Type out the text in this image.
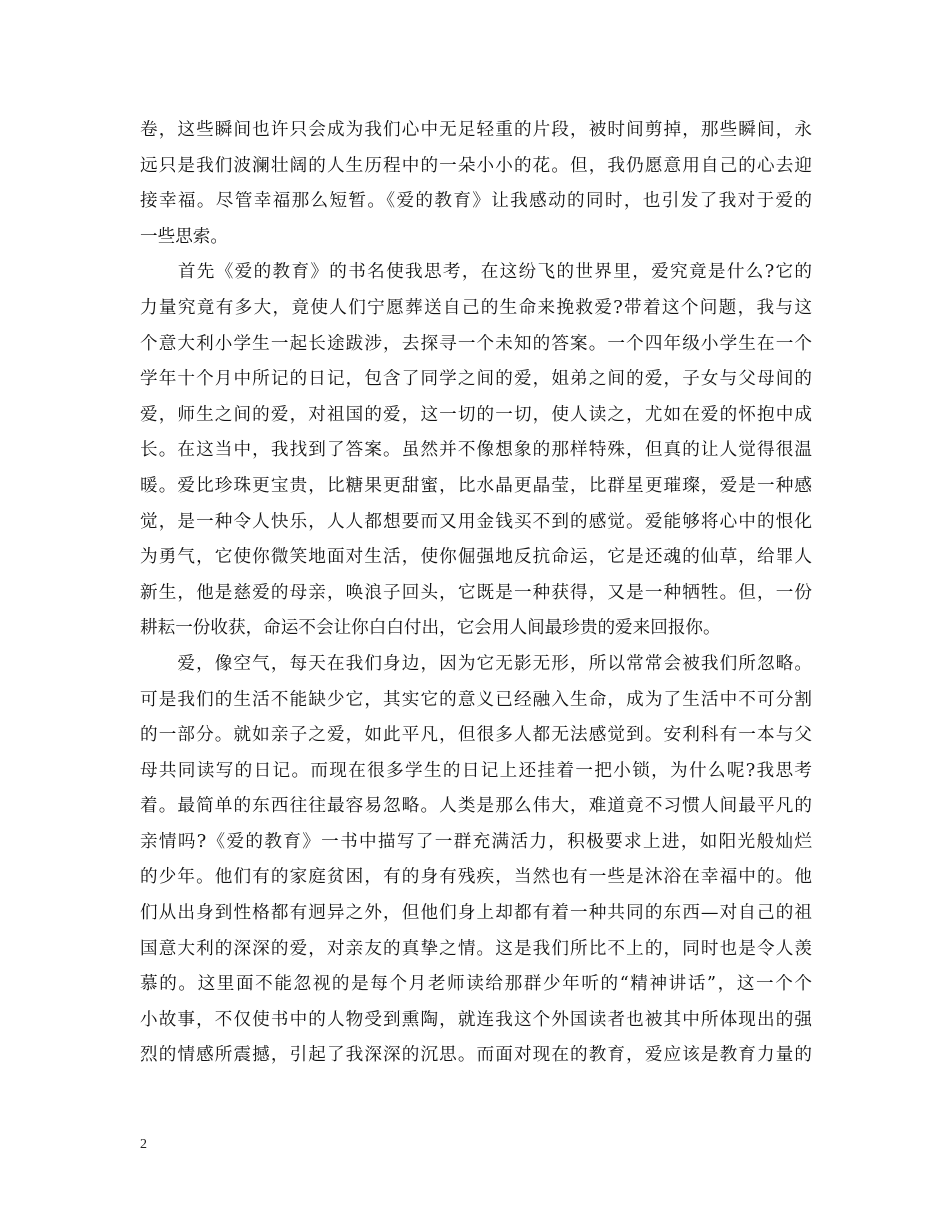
卷，这些瞬间也许只会成为我们心中无足轻重的片段，被时间剪掉，那些瞬间，永
远只是我们波澜壮阔的人生历程中的一朵小小的花。但，我仍愿意用自己的心去迎
接幸福。尽管幸福那么短暂。《爱的教育》让我感动的同时，也引发了我对于爱的
一些思索。
　　首先《爱的教育》的书名使我思考，在这纷飞的世界里，爱究竟是什么?它的
力量究竟有多大，竟使人们宁愿葬送自己的生命来挽救爱?带着这个问题，我与这
个意大利小学生一起长途跋涉，去探寻一个未知的答案。一个四年级小学生在一个
学年十个月中所记的日记，包含了同学之间的爱，姐弟之间的爱，子女与父母间的
爱，师生之间的爱，对祖国的爱，这一切的一切，使人读之，尤如在爱的怀抱中成
长。在这当中，我找到了答案。虽然并不像想象的那样特殊，但真的让人觉得很温
暖。爱比珍珠更宝贵，比糖果更甜蜜，比水晶更晶莹，比群星更璀璨，爱是一种感
觉，是一种令人快乐，人人都想要而又用金钱买不到的感觉。爱能够将心中的恨化
为勇气，它使你微笑地面对生活，使你倔强地反抗命运，它是还魂的仙草，给罪人
新生，他是慈爱的母亲，唤浪子回头，它既是一种获得，又是一种牺牲。但，一份
耕耘一份收获，命运不会让你白白付出，它会用人间最珍贵的爱来回报你。
　　爱，像空气，每天在我们身边，因为它无影无形，所以常常会被我们所忽略。
可是我们的生活不能缺少它，其实它的意义已经融入生命，成为了生活中不可分割
的一部分。就如亲子之爱，如此平凡，但很多人都无法感觉到。安利科有一本与父
母共同读写的日记。而现在很多学生的日记上还挂着一把小锁，为什么呢?我思考
着。最简单的东西往往最容易忽略。人类是那么伟大，难道竟不习惯人间最平凡的
亲情吗?《爱的教育》一书中描写了一群充满活力，积极要求上进，如阳光般灿烂
的少年。他们有的家庭贫困，有的身有残疾，当然也有一些是沐浴在幸福中的。他
们从出身到性格都有迥异之外，但他们身上却都有着一种共同的东西—对自己的祖
国意大利的深深的爱，对亲友的真挚之情。这是我们所比不上的，同时也是令人羡
慕的。这里面不能忽视的是每个月老师读给那群少年听的“精神讲话”，这一个个
小故事，不仅使书中的人物受到熏陶，就连我这个外国读者也被其中所体现出的强
烈的情感所震撼，引起了我深深的沉思。而面对现在的教育，爱应该是教育力量的
2
